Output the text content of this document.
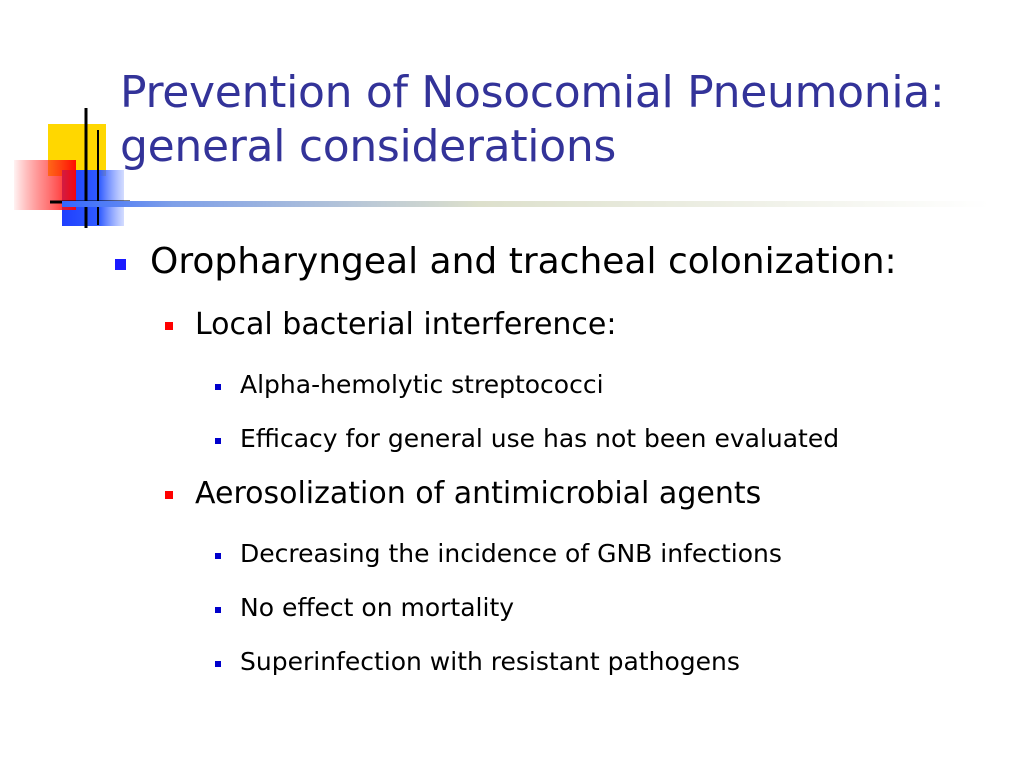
Prevention of Nosocomial Pneumonia:
general considerations
Oropharyngeal and tracheal colonization:
Local bacterial interference:
Alpha-hemolytic streptococci
Efficacy for general use has not been evaluated
Aerosolization of antimicrobial agents
Decreasing the incidence of GNB infections
No effect on mortality
Superinfection with resistant pathogens
